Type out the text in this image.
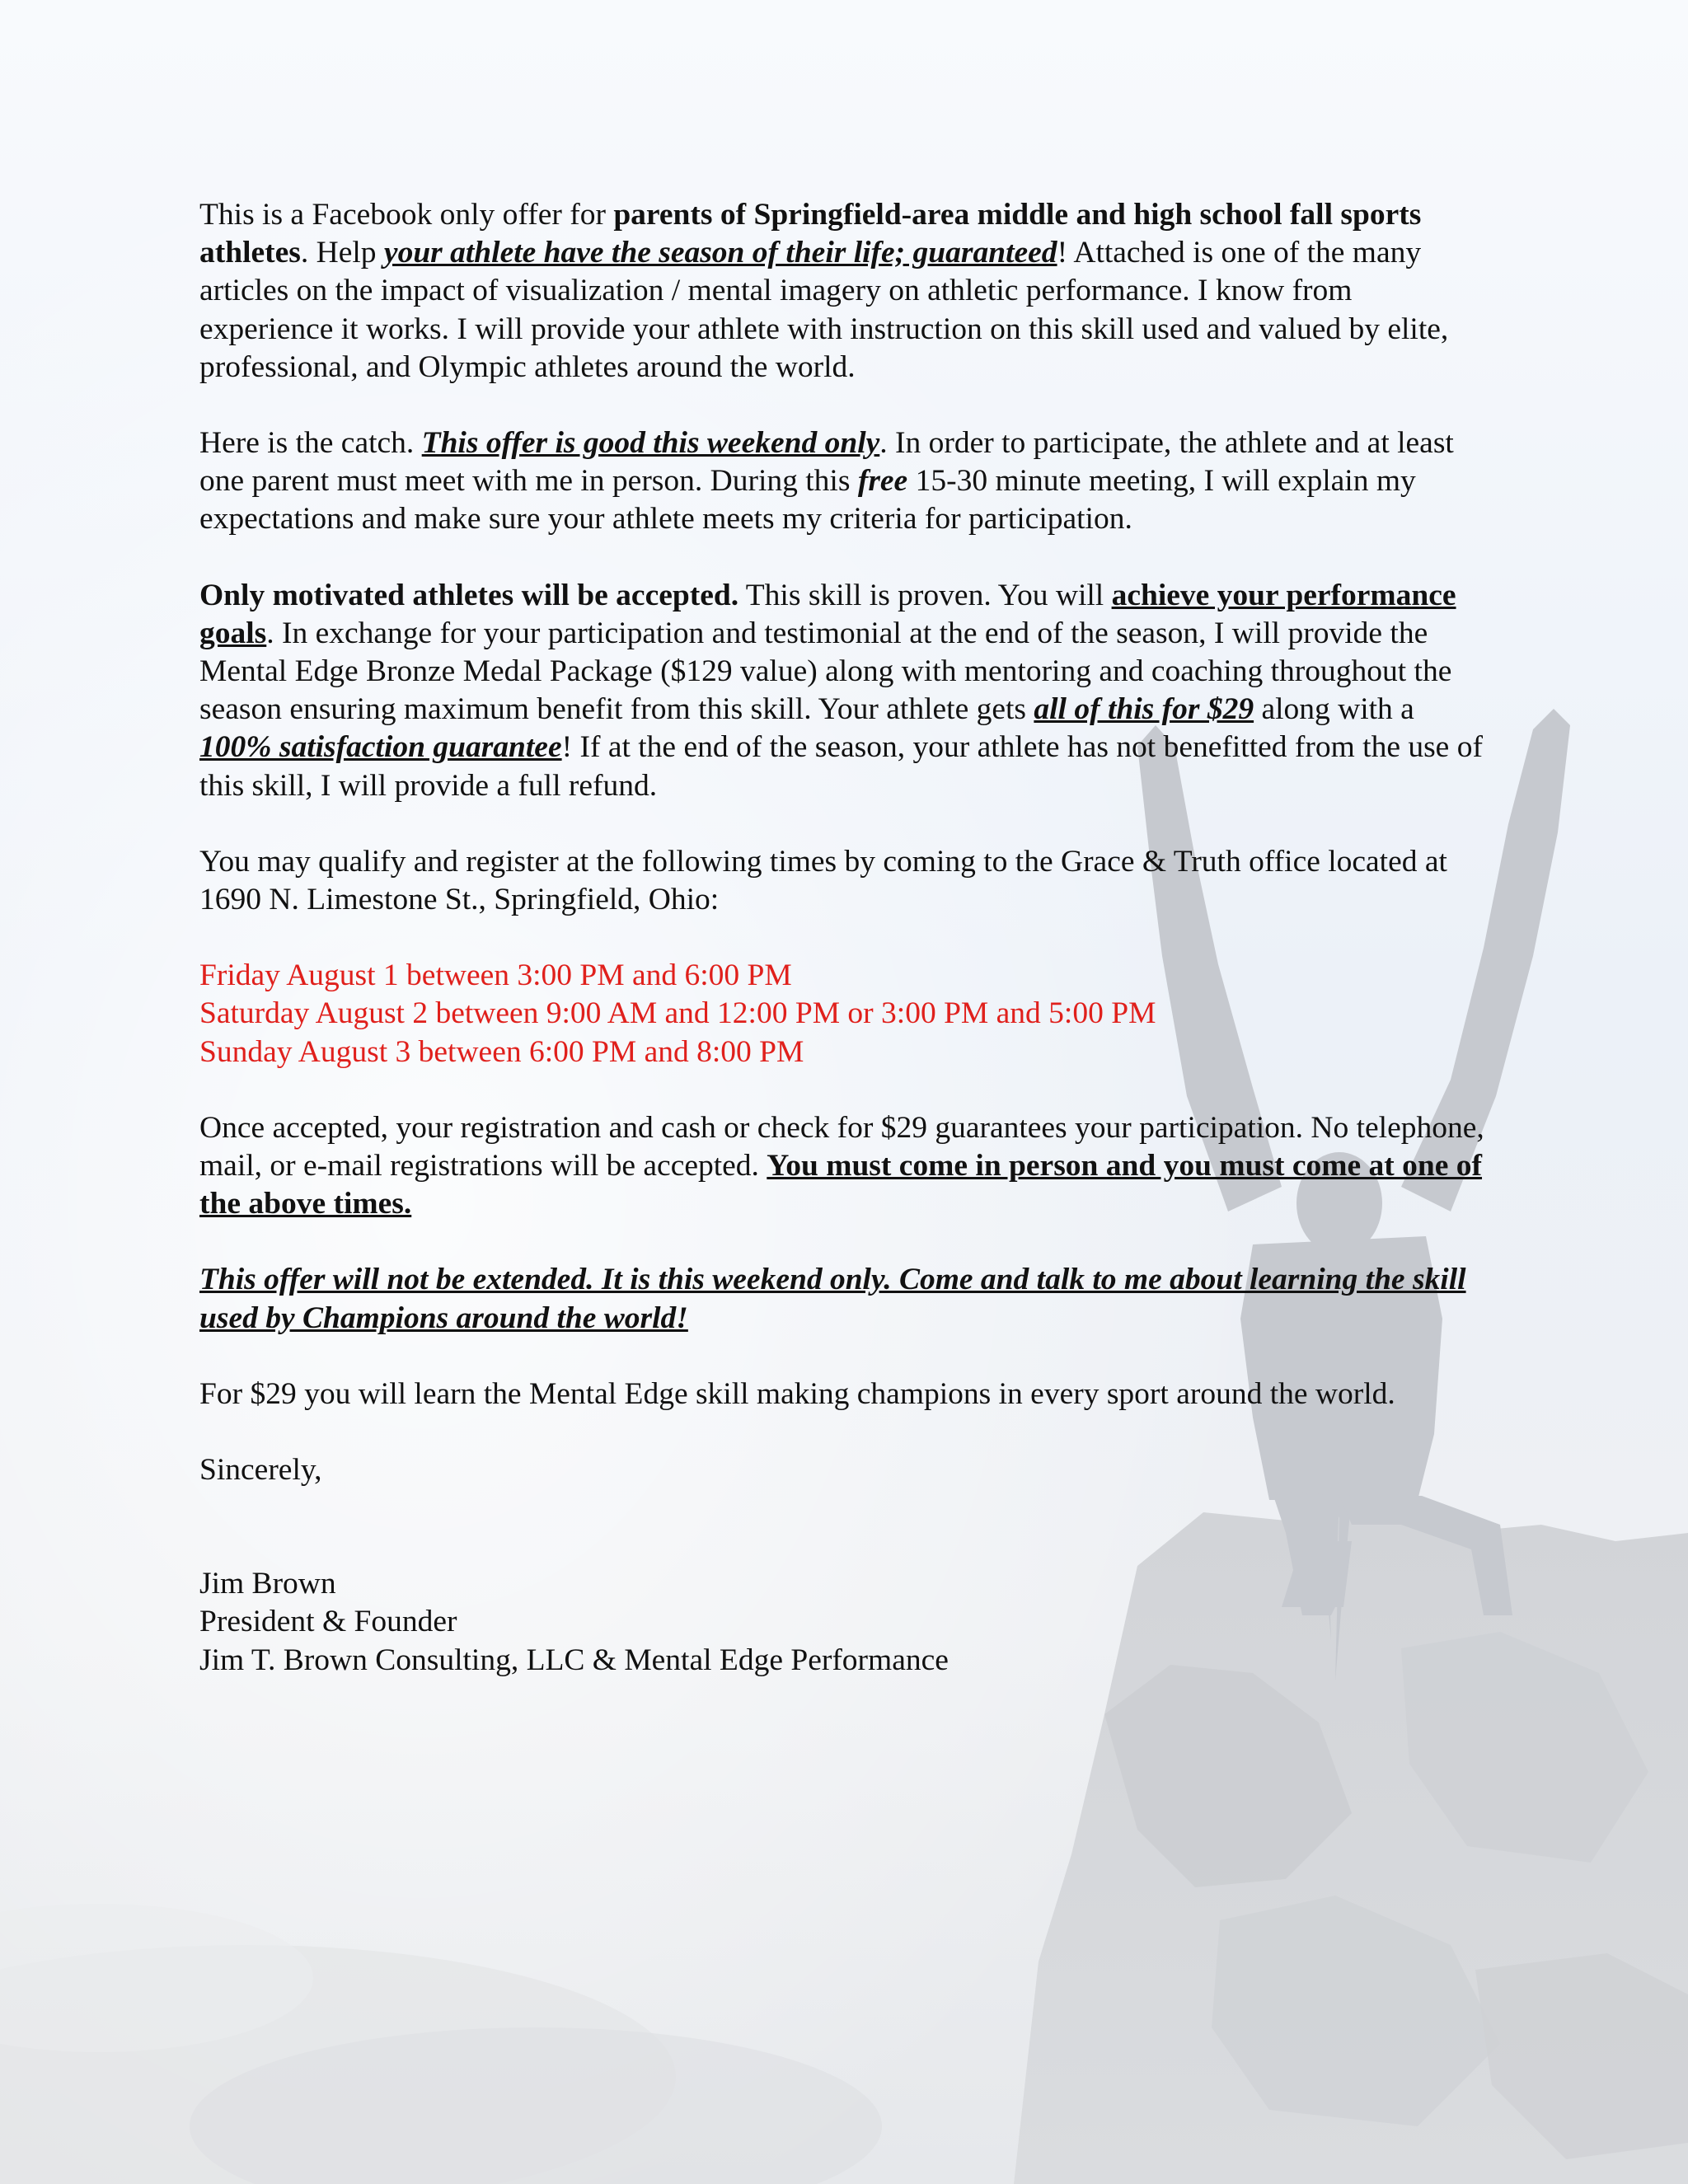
This is a Facebook only offer for parents of Springfield-area middle and high school fall sports athletes. Help your athlete have the season of their life; guaranteed! Attached is one of the many articles on the impact of visualization / mental imagery on athletic performance. I know from experience it works. I will provide your athlete with instruction on this skill used and valued by elite, professional, and Olympic athletes around the world.

Here is the catch. This offer is good this weekend only. In order to participate, the athlete and at least one parent must meet with me in person. During this free 15-30 minute meeting, I will explain my expectations and make sure your athlete meets my criteria for participation.

Only motivated athletes will be accepted. This skill is proven. You will achieve your performance goals. In exchange for your participation and testimonial at the end of the season, I will provide the Mental Edge Bronze Medal Package ($129 value) along with mentoring and coaching throughout the season ensuring maximum benefit from this skill. Your athlete gets all of this for $29 along with a 100% satisfaction guarantee! If at the end of the season, your athlete has not benefitted from the use of this skill, I will provide a full refund.

You may qualify and register at the following times by coming to the Grace & Truth office located at 1690 N. Limestone St., Springfield, Ohio:

Friday August 1 between 3:00 PM and 6:00 PM
Saturday August 2 between 9:00 AM and 12:00 PM or 3:00 PM and 5:00 PM
Sunday August 3 between 6:00 PM and 8:00 PM

Once accepted, your registration and cash or check for $29 guarantees your participation. No telephone, mail, or e-mail registrations will be accepted. You must come in person and you must come at one of the above times.

This offer will not be extended. It is this weekend only. Come and talk to me about learning the skill used by Champions around the world!

For $29 you will learn the Mental Edge skill making champions in every sport around the world.

Sincerely,

Jim Brown
President & Founder
Jim T. Brown Consulting, LLC & Mental Edge Performance
